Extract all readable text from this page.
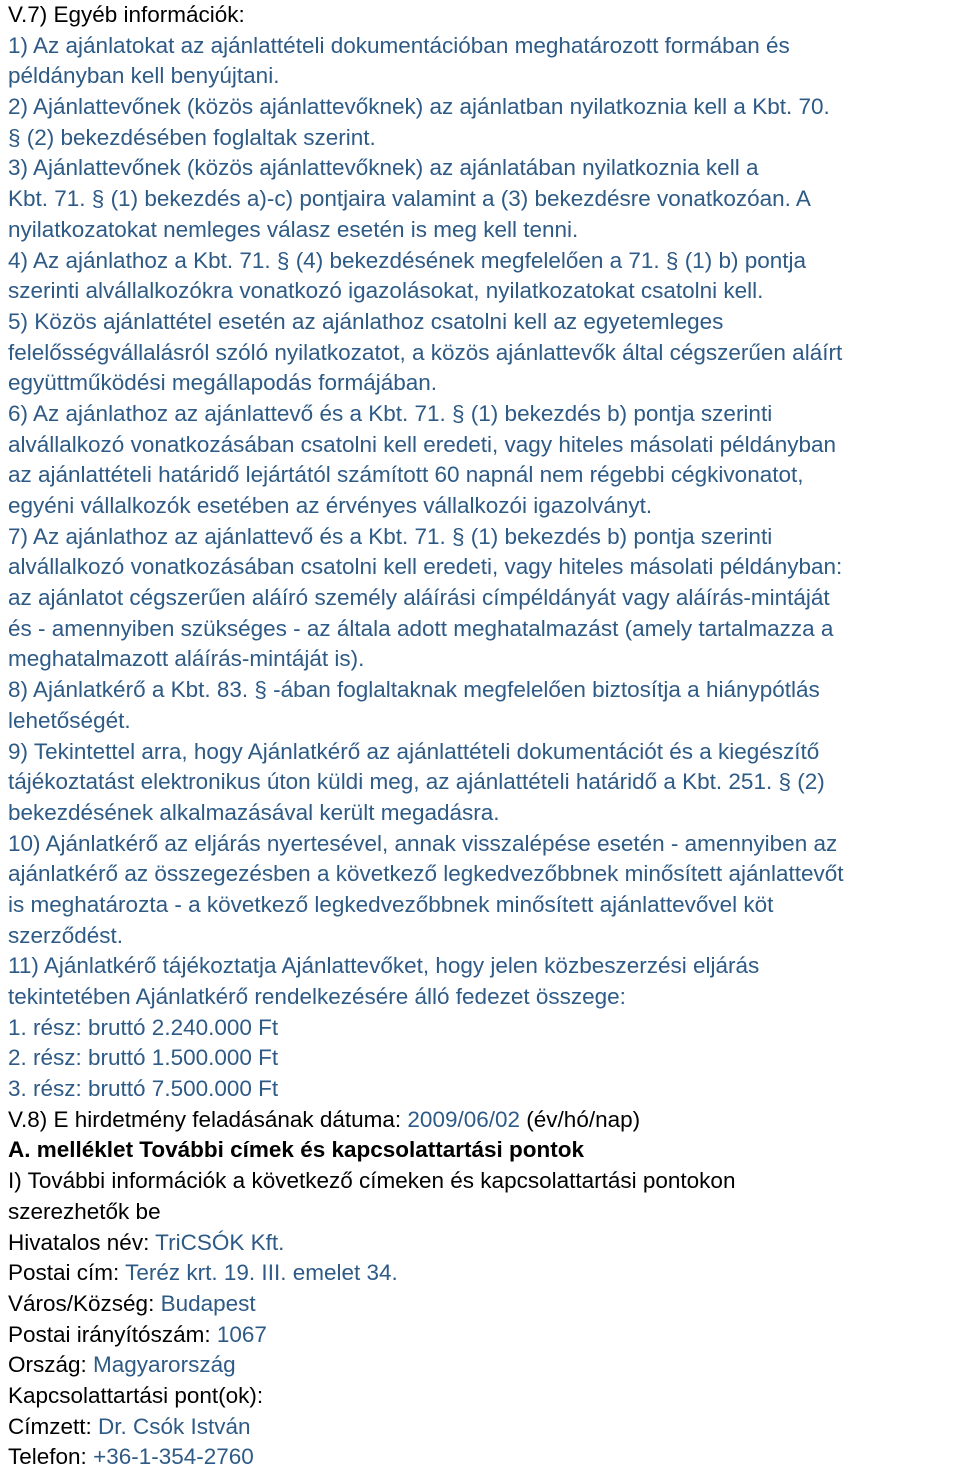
V.7) Egyéb információk:
1) Az ajánlatokat az ajánlattételi dokumentációban meghatározott formában és
példányban kell benyújtani.
2) Ajánlattevőnek (közös ajánlattevőknek) az ajánlatban nyilatkoznia kell a Kbt. 70.
§ (2) bekezdésében foglaltak szerint.
3) Ajánlattevőnek (közös ajánlattevőknek) az ajánlatában nyilatkoznia kell a
Kbt. 71. § (1) bekezdés a)-c) pontjaira valamint a (3) bekezdésre vonatkozóan. A
nyilatkozatokat nemleges válasz esetén is meg kell tenni.
4) Az ajánlathoz a Kbt. 71. § (4) bekezdésének megfelelően a 71. § (1) b) pontja
szerinti alvállalkozókra vonatkozó igazolásokat, nyilatkozatokat csatolni kell.
5) Közös ajánlattétel esetén az ajánlathoz csatolni kell az egyetemleges
felelősségvállalásról szóló nyilatkozatot, a közös ajánlattevők által cégszerűen aláírt
együttműködési megállapodás formájában.
6) Az ajánlathoz az ajánlattevő és a Kbt. 71. § (1) bekezdés b) pontja szerinti
alvállalkozó vonatkozásában csatolni kell eredeti, vagy hiteles másolati példányban
az ajánlattételi határidő lejártától számított 60 napnál nem régebbi cégkivonatot,
egyéni vállalkozók esetében az érvényes vállalkozói igazolványt.
7) Az ajánlathoz az ajánlattevő és a Kbt. 71. § (1) bekezdés b) pontja szerinti
alvállalkozó vonatkozásában csatolni kell eredeti, vagy hiteles másolati példányban:
az ajánlatot cégszerűen aláíró személy aláírási címpéldányát vagy aláírás-mintáját
és - amennyiben szükséges - az általa adott meghatalmazást (amely tartalmazza a
meghatalmazott aláírás-mintáját is).
8) Ajánlatkérő a Kbt. 83. § -ában foglaltaknak megfelelően biztosítja a hiánypótlás
lehetőségét.
9) Tekintettel arra, hogy Ajánlatkérő az ajánlattételi dokumentációt és a kiegészítő
tájékoztatást elektronikus úton küldi meg, az ajánlattételi határidő a Kbt. 251. § (2)
bekezdésének alkalmazásával került megadásra.
10) Ajánlatkérő az eljárás nyertesével, annak visszalépése esetén - amennyiben az
ajánlatkérő az összegezésben a következő legkedvezőbbnek minősített ajánlattevőt
is meghatározta - a következő legkedvezőbbnek minősített ajánlattevővel köt
szerződést.
11) Ajánlatkérő tájékoztatja Ajánlattevőket, hogy jelen közbeszerzési eljárás
tekintetében Ajánlatkérő rendelkezésére álló fedezet összege:
1. rész: bruttó 2.240.000 Ft
2. rész: bruttó 1.500.000 Ft
3. rész: bruttó 7.500.000 Ft
V.8) E hirdetmény feladásának dátuma: 2009/06/02 (év/hó/nap)
A. melléklet További címek és kapcsolattartási pontok
I) További információk a következő címeken és kapcsolattartási pontokon
szerezhetők be
Hivatalos név: TriCSÓK Kft.
Postai cím: Teréz krt. 19. III. emelet 34.
Város/Község: Budapest
Postai irányítószám: 1067
Ország: Magyarország
Kapcsolattartási pont(ok):
Címzett: Dr. Csók István
Telefon: +36-1-354-2760
